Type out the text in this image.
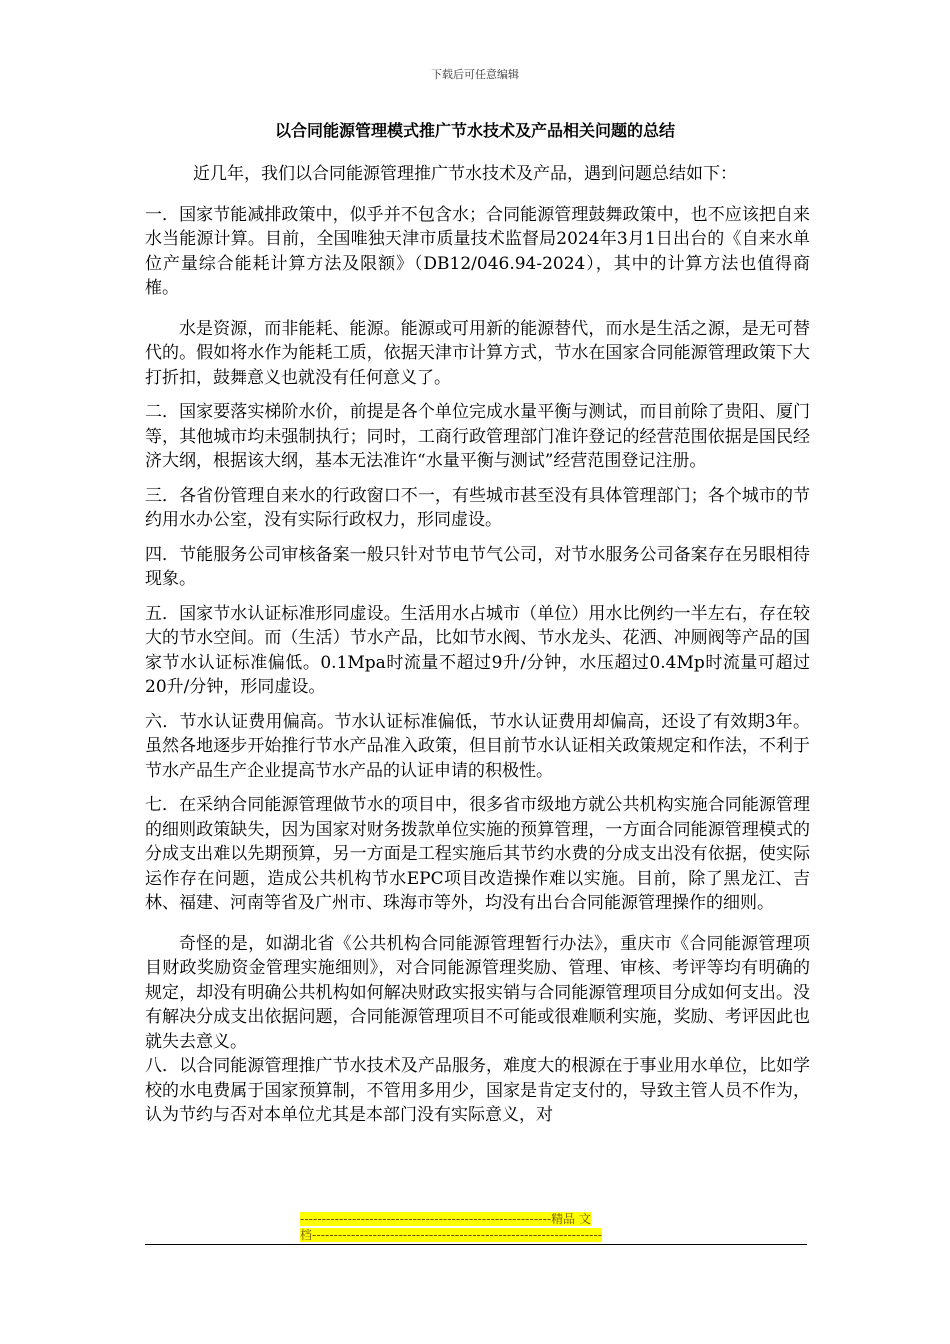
下载后可任意编辑
以合同能源管理模式推广节水技术及产品相关问题的总结

近几年，我们以合同能源管理推广节水技术及产品，遇到问题总结如下：

一．国家节能减排政策中，似乎并不包含水；合同能源管理鼓舞政策中，也不应该把自来水当能源计算。目前，全国唯独天津市质量技术监督局2024年3月1日出台的《自来水单位产量综合能耗计算方法及限额》（DB12/046.94-2024），其中的计算方法也值得商榷。

水是资源，而非能耗、能源。能源或可用新的能源替代，而水是生活之源，是无可替代的。假如将水作为能耗工质，依据天津市计算方式，节水在国家合同能源管理政策下大打折扣，鼓舞意义也就没有任何意义了。

二．国家要落实梯阶水价，前提是各个单位完成水量平衡与测试，而目前除了贵阳、厦门等，其他城市均未强制执行；同时，工商行政管理部门准许登记的经营范围依据是国民经济大纲，根据该大纲，基本无法准许“水量平衡与测试”经营范围登记注册。

三．各省份管理自来水的行政窗口不一，有些城市甚至没有具体管理部门；各个城市的节约用水办公室，没有实际行政权力，形同虚设。

四．节能服务公司审核备案一般只针对节电节气公司，对节水服务公司备案存在另眼相待现象。

五．国家节水认证标准形同虚设。生活用水占城市（单位）用水比例约一半左右，存在较大的节水空间。而（生活）节水产品，比如节水阀、节水龙头、花洒、冲厕阀等产品的国家节水认证标准偏低。0.1Mpa时流量不超过9升/分钟，水压超过0.4Mp时流量可超过20升/分钟，形同虚设。

六．节水认证费用偏高。节水认证标准偏低，节水认证费用却偏高，还设了有效期3年。虽然各地逐步开始推行节水产品准入政策，但目前节水认证相关政策规定和作法，不利于节水产品生产企业提高节水产品的认证申请的积极性。

七．在采纳合同能源管理做节水的项目中，很多省市级地方就公共机构实施合同能源管理的细则政策缺失，因为国家对财务拨款单位实施的预算管理，一方面合同能源管理模式的分成支出难以先期预算，另一方面是工程实施后其节约水费的分成支出没有依据，使实际运作存在问题，造成公共机构节水EPC项目改造操作难以实施。目前，除了黑龙江、吉林、福建、河南等省及广州市、珠海市等外，均没有出台合同能源管理操作的细则。

奇怪的是，如湖北省《公共机构合同能源管理暂行办法》，重庆市《合同能源管理项目财政奖励资金管理实施细则》，对合同能源管理奖励、管理、审核、考评等均有明确的规定，却没有明确公共机构如何解决财政实报实销与合同能源管理项目分成如何支出。没有解决分成支出依据问题，合同能源管理项目不可能或很难顺利实施，奖励、考评因此也就失去意义。

八．以合同能源管理推广节水技术及产品服务，难度大的根源在于事业用水单位，比如学校的水电费属于国家预算制，不管用多用少，国家是肯定支付的，导致主管人员不作为，认为节约与否对本单位尤其是本部门没有实际意义，对

----------------------------------------------------------精品 文
档-------------------------------------------------------------------
